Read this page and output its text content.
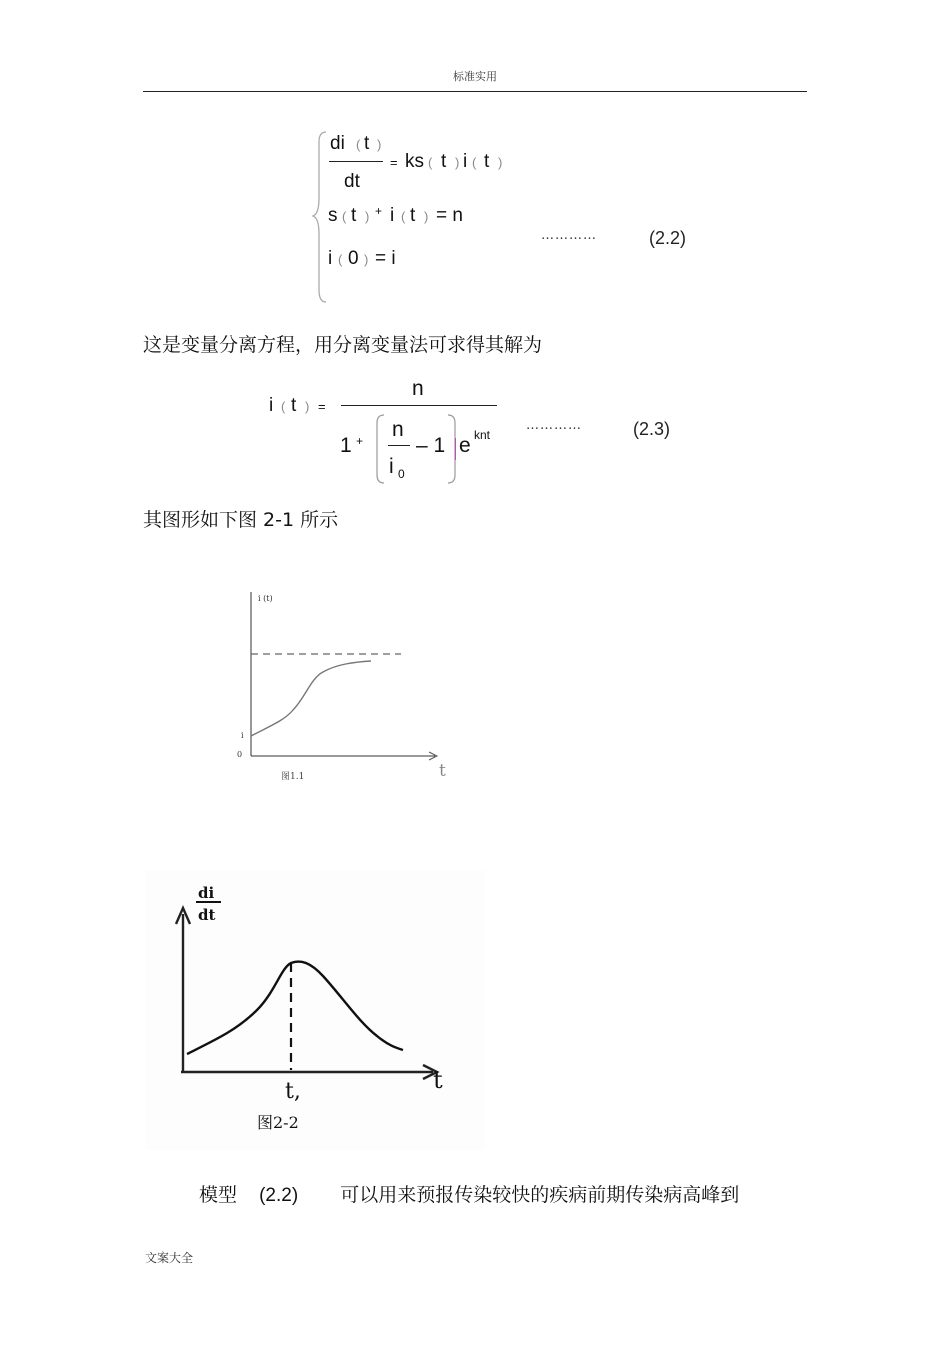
标准实用
di ( t )
dt
= ks ( t ) i ( t )
s ( t ) + i ( t ) = n
i ( 0 ) = i
…………	(2.2)
这是变量分离方程，用分离变量法可求得其解为
i ( t ) =
n
1 + n
i 0
– 1 e knt
…………	(2.3)
其图形如下图 2-1 所示
i (t)
i
0
t
图1.1
di
dt
t
t,
图2-2
模型 (2.2) 可以用来预报传染较快的疾病前期传染病高峰到
文案大全
